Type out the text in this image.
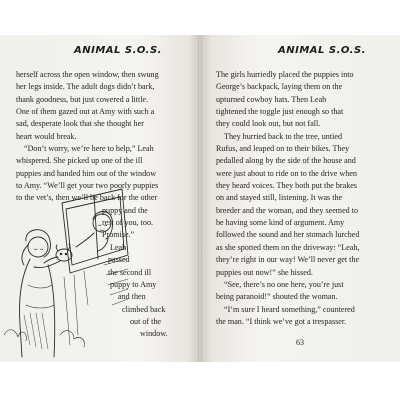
ANIMAL S.O.S.
herself across the open window, then swung
her legs inside. The adult dogs didn’t bark,
thank goodness, but just cowered a little.
One of them gazed out at Amy with such a
sad, desperate look that she thought her
heart would break.
“Don’t worry, we’re here to help,” Leah
whispered. She picked up one of the ill
puppies and handed him out of the window
to Amy. “We’ll get your two poorly puppies
to the vet’s, then we’ll be back for the other
puppy and the
rest of you, too.
Promise.”
Leah
passed
the second ill
puppy to Amy
and then
climbed back
out of the
window.
ANIMAL S.O.S.
The girls hurriedly placed the puppies into
George’s backpack, laying them on the
upturned cowboy hats. Then Leah
tightened the toggle just enough so that
they could look out, but not fall.
They hurried back to the tree, untied
Rufus, and leaped on to their bikes. They
pedalled along by the side of the house and
were just about to ride on to the drive when
they heard voices. They both put the brakes
on and stayed still, listening. It was the
breeder and the woman, and they seemed to
be having some kind of argument. Amy
followed the sound and her stomach lurched
as she spotted them on the driveway: “Leah,
they’re right in our way! We’ll never get the
puppies out now!” she hissed.
“See, there’s no one here, you’re just
being paranoid!” shouted the woman.
“I’m sure I heard something,” countered
the man. “I think we’ve got a trespasser.
63
